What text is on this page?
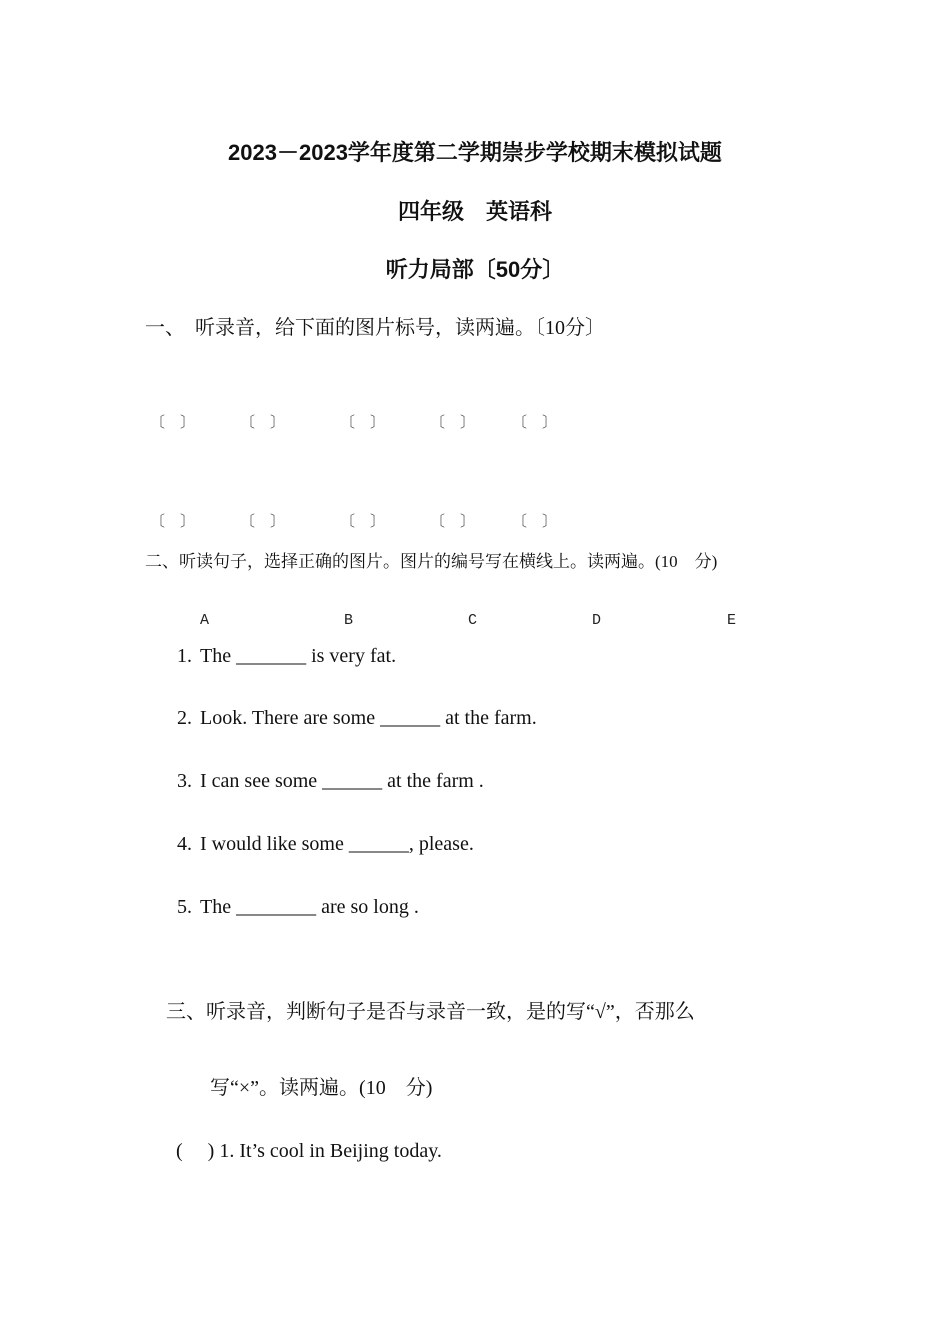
2023－2023学年度第二学期崇步学校期末模拟试题
四年级　英语科
听力局部〔50分〕
一、　听录音，给下面的图片标号，读两遍。〔10分〕
〔　〕	〔　〕	〔　〕	〔　〕 〔　〕
〔　〕	〔　〕	〔　〕	〔　〕 〔　〕
二、听读句子，选择正确的图片。图片的编号写在横线上。读两遍。(10　分)
A	B	C	D	E
1. The _______ is very fat.
2. Look. There are some ______ at the farm.
3. I can see some ______ at the farm .
4. I would like some ______, please.
5. The ________ are so long .
三、听录音，判断句子是否与录音一致，是的写“√”，否那么
写“×”。读两遍。(10　分)
(　 ) 1. It’s cool in Beijing today.
